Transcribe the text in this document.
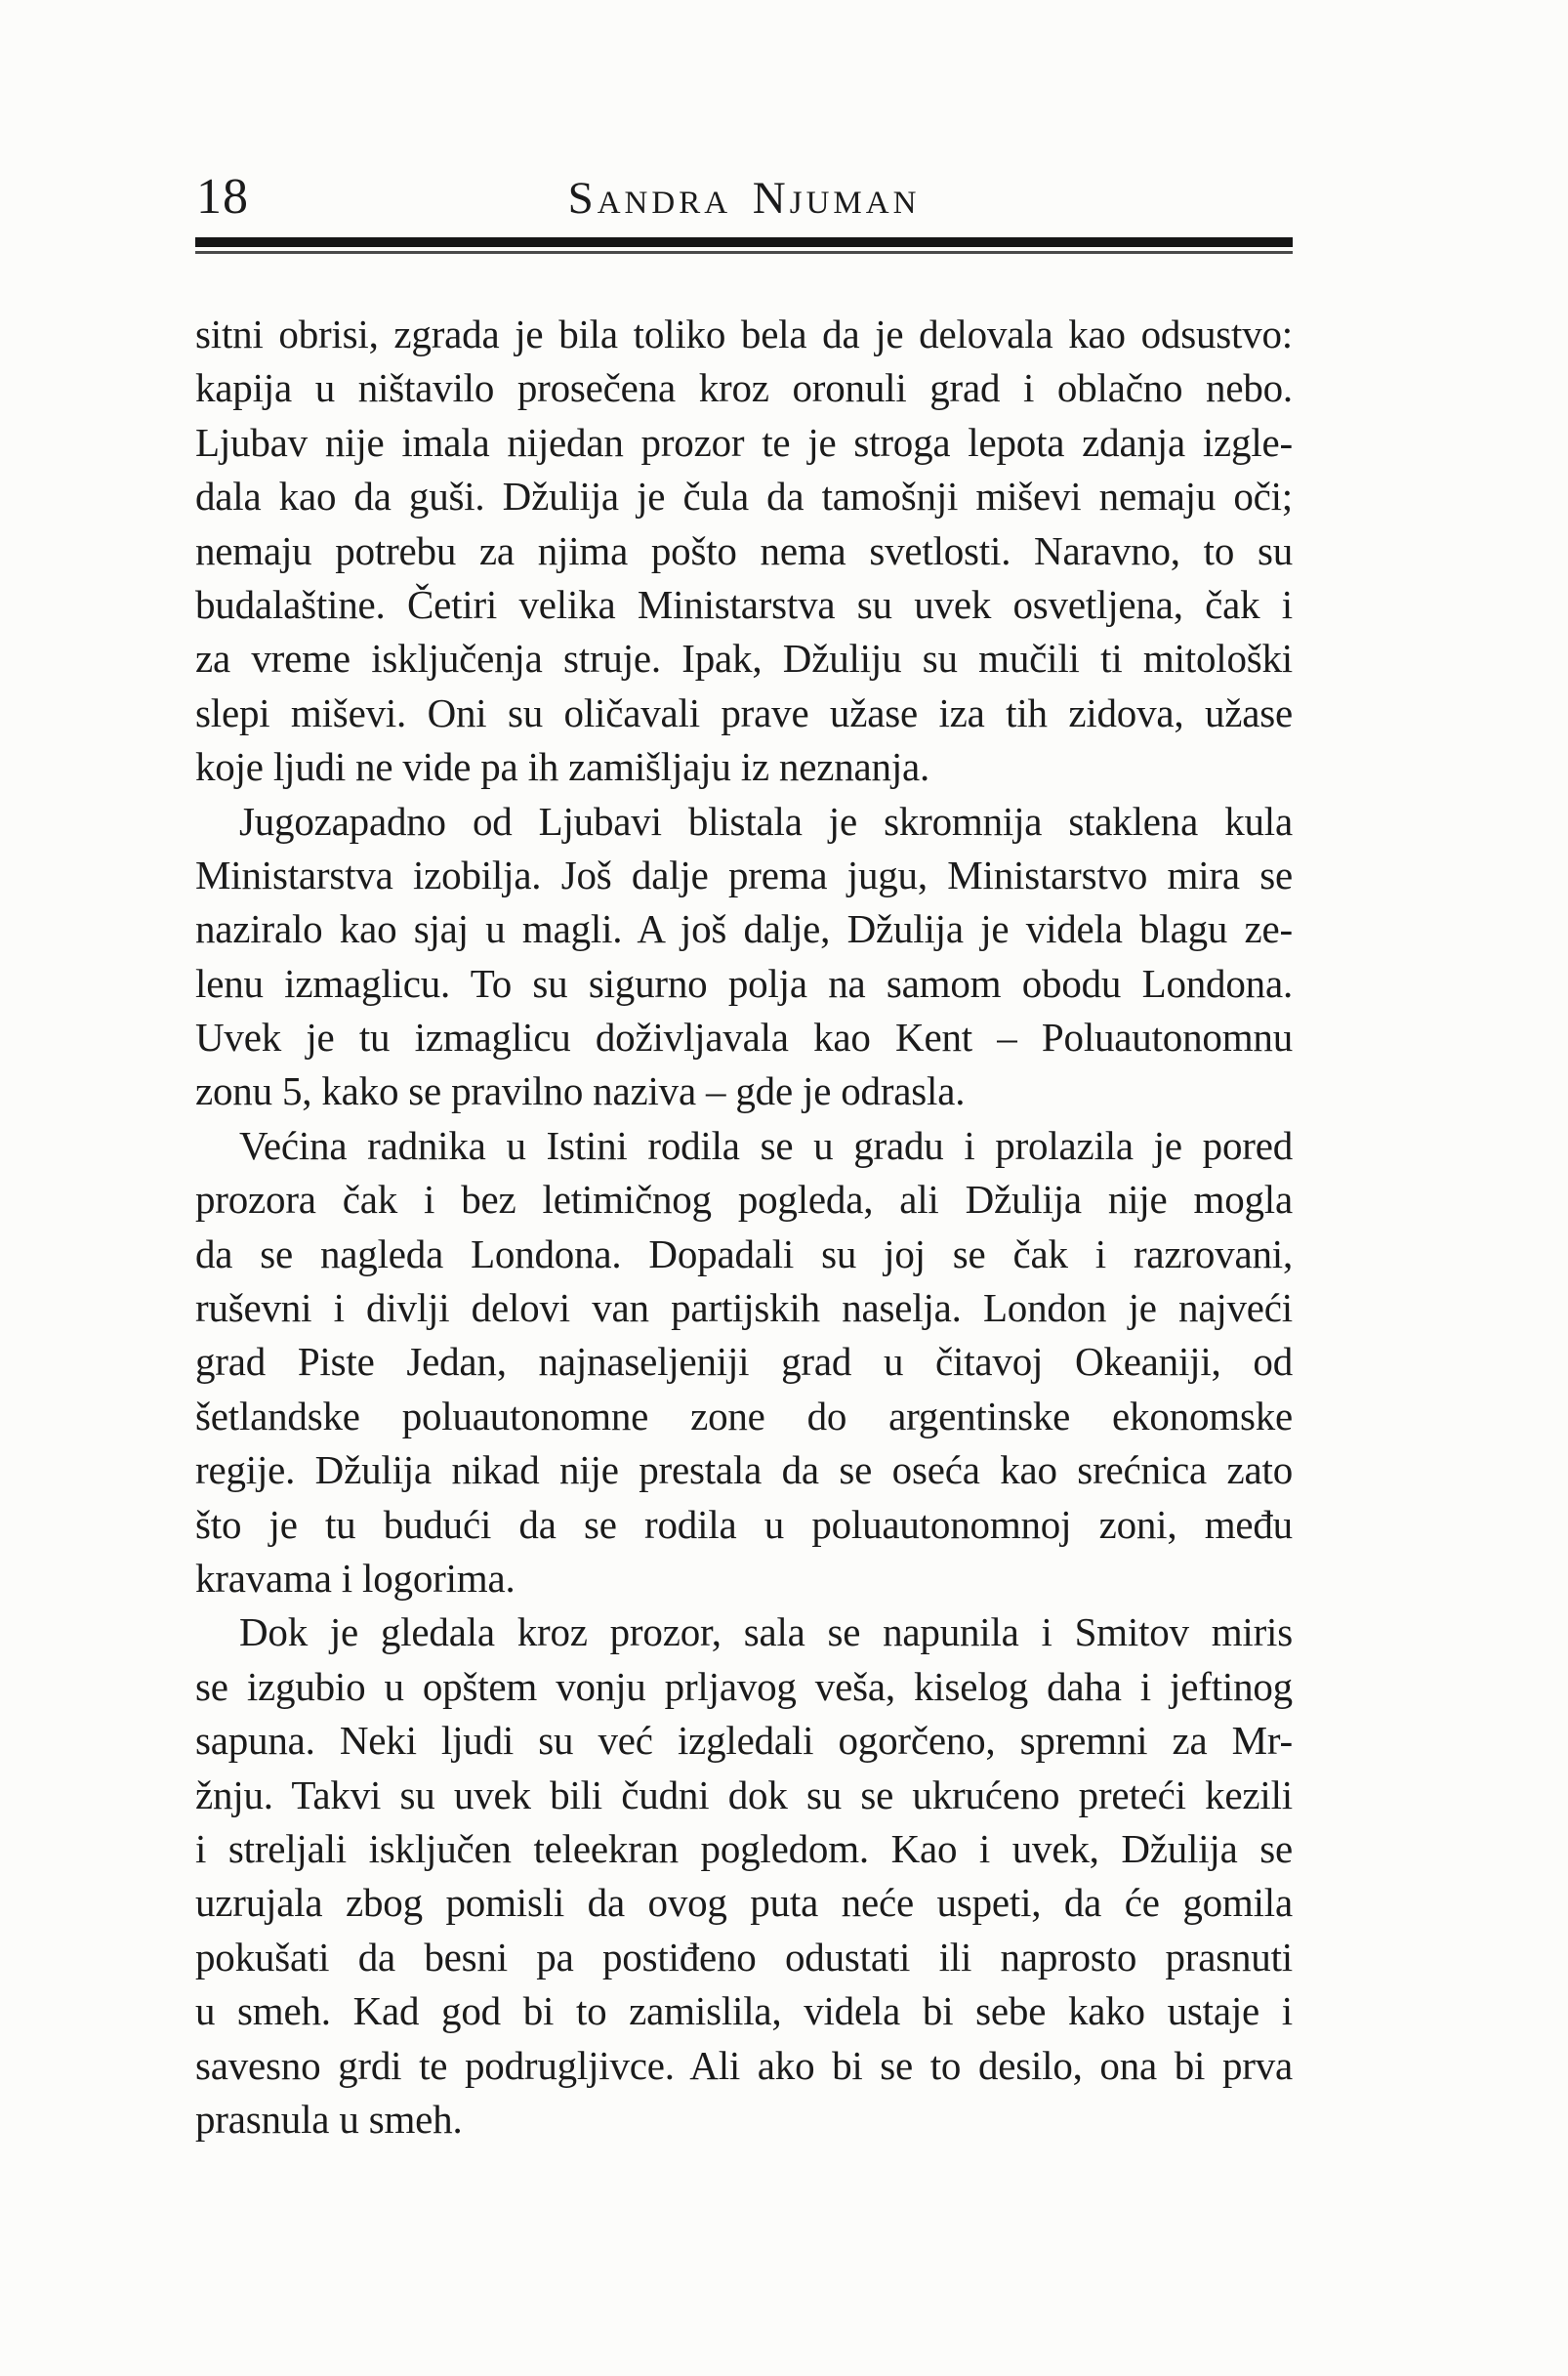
18	Sandra Njuman
sitni obrisi, zgrada je bila toliko bela da je delovala kao odsustvo:
kapija u ništavilo prosečena kroz oronuli grad i oblačno nebo.
Ljubav nije imala nijedan prozor te je stroga lepota zdanja izgle-
dala kao da guši. Džulija je čula da tamošnji miševi nemaju oči;
nemaju potrebu za njima pošto nema svetlosti. Naravno, to su
budalaštine. Četiri velika Ministarstva su uvek osvetljena, čak i
za vreme isključenja struje. Ipak, Džuliju su mučili ti mitološki
slepi miševi. Oni su oličavali prave užase iza tih zidova, užase
koje ljudi ne vide pa ih zamišljaju iz neznanja.
Jugozapadno od Ljubavi blistala je skromnija staklena kula
Ministarstva izobilja. Još dalje prema jugu, Ministarstvo mira se
naziralo kao sjaj u magli. A još dalje, Džulija je videla blagu ze-
lenu izmaglicu. To su sigurno polja na samom obodu Londona.
Uvek je tu izmaglicu doživljavala kao Kent – Poluautonomnu
zonu 5, kako se pravilno naziva – gde je odrasla.
Većina radnika u Istini rodila se u gradu i prolazila je pored
prozora čak i bez letimičnog pogleda, ali Džulija nije mogla
da se nagleda Londona. Dopadali su joj se čak i razrovani,
ruševni i divlji delovi van partijskih naselja. London je najveći
grad Piste Jedan, najnaseljeniji grad u čitavoj Okeaniji, od
šetlandske poluautonomne zone do argentinske ekonomske
regije. Džulija nikad nije prestala da se oseća kao srećnica zato
što je tu budući da se rodila u poluautonomnoj zoni, među
kravama i logorima.
Dok je gledala kroz prozor, sala se napunila i Smitov miris
se izgubio u opštem vonju prljavog veša, kiselog daha i jeftinog
sapuna. Neki ljudi su već izgledali ogorčeno, spremni za Mr-
žnju. Takvi su uvek bili čudni dok su se ukrućeno preteći kezili
i streljali isključen teleekran pogledom. Kao i uvek, Džulija se
uzrujala zbog pomisli da ovog puta neće uspeti, da će gomila
pokušati da besni pa postiđeno odustati ili naprosto prasnuti
u smeh. Kad god bi to zamislila, videla bi sebe kako ustaje i
savesno grdi te podrugljivce. Ali ako bi se to desilo, ona bi prva
prasnula u smeh.
